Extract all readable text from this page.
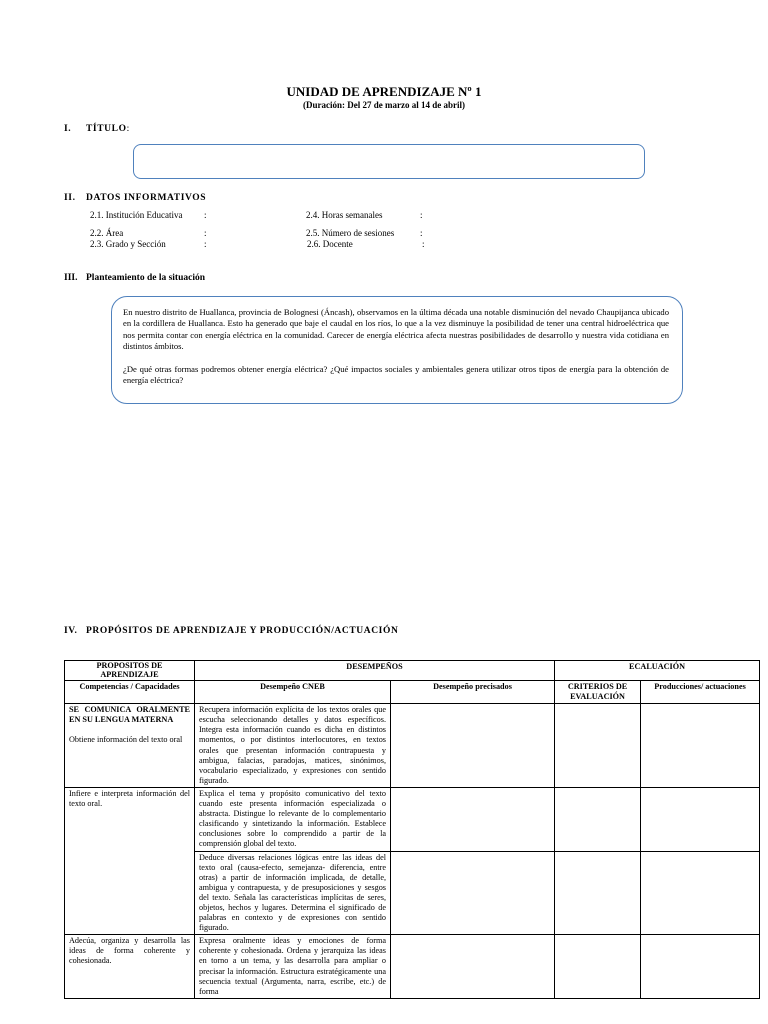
UNIDAD DE APRENDIZAJE Nº 1
(Duración: Del 27 de marzo al 14 de abril)
I. TÍTULO:
II. DATOS INFORMATIVOS
2.1. Institución Educativa :
2.2. Área	:
2.3. Grado y Sección	:
2.4. Horas semanales	:
2.5. Número de sesiones	:
2.6. Docente	:
III. Planteamiento de la situación

En nuestro distrito de Huallanca, provincia de Bolognesi (Áncash), observamos en la última década una notable disminución del nevado Chaupijanca ubicado en la cordillera de Huallanca. Esto ha generado que baje el caudal en los ríos, lo que a la vez disminuye la posibilidad de tener una central hidroeléctrica que nos permita contar con energía eléctrica en la comunidad. Carecer de energía eléctrica afecta nuestras posibilidades de desarrollo y nuestra vida cotidiana en distintos ámbitos.

¿De qué otras formas podremos obtener energía eléctrica? ¿Qué impactos sociales y ambientales genera utilizar otros tipos de energía para la obtención de energía eléctrica?

IV. PROPÓSITOS DE APRENDIZAJE Y PRODUCCIÓN/ACTUACIÓN
PROPOSITOS DE APRENDIZAJE	DESEMPEÑOS		ECALUACIÓN	
Competencias / Capacidades	Desempeño CNEB	Desempeño precisados	CRITERIOS DE EVALUACIÓN	Producciones/ actuaciones

SE COMUNICA ORALMENTE EN SU LENGUA MATERNA
Obtiene información del texto oral	Recupera información explícita de los textos orales que escucha seleccionando detalles y datos específicos. Integra esta información cuando es dicha en distintos momentos, o por distintos interlocutores, en textos orales que presentan información contrapuesta y ambigua, falacias, paradojas, matices, sinónimos, vocabulario especializado, y expresiones con sentido figurado.			
Infiere e interpreta información del texto oral.	Explica el tema y propósito comunicativo del texto cuando este presenta información especializada o abstracta. Distingue lo relevante de lo complementario clasificando y sintetizando la información. Establece conclusiones sobre lo comprendido a partir de la comprensión global del texto.			
	Deduce diversas relaciones lógicas entre las ideas del texto oral (causa-efecto, semejanza- diferencia, entre otras) a partir de información implicada, de detalle, ambigua y contrapuesta, y de presuposiciones y sesgos del texto. Señala las características implícitas de seres, objetos, hechos y lugares. Determina el significado de palabras en contexto y de expresiones con sentido figurado.			
Adecúa, organiza y desarrolla las ideas de forma coherente y cohesionada.	Expresa oralmente ideas y emociones de forma coherente y cohesionada. Ordena y jerarquiza las ideas en torno a un tema, y las desarrolla para ampliar o precisar la información. Estructura estratégicamente una secuencia textual (Argumenta, narra, escribe, etc.) de forma			
